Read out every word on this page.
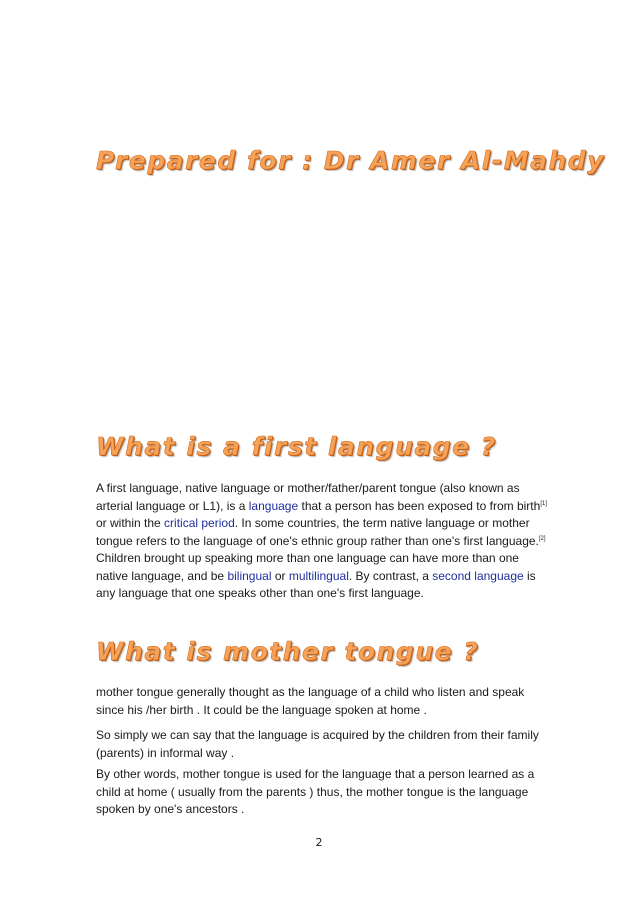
Prepared for : Dr Amer Al-Mahdy
What is a first language ?

A first language, native language or mother/father/parent tongue (also known as arterial language or L1), is a language that a person has been exposed to from birth[1] or within the critical period. In some countries, the term native language or mother tongue refers to the language of one's ethnic group rather than one's first language.[2] Children brought up speaking more than one language can have more than one native language, and be bilingual or multilingual. By contrast, a second language is any language that one speaks other than one's first language.

What is mother tongue ?

mother tongue generally thought as the language of a child who listen and speak since his /her birth . It could be the language spoken at home .

So simply we can say that the language is acquired by the children from their family (parents) in informal way .

By other words, mother tongue is used for the language that a person learned as a child at home ( usually from the parents ) thus, the mother tongue is the language spoken by one's ancestors .

2
